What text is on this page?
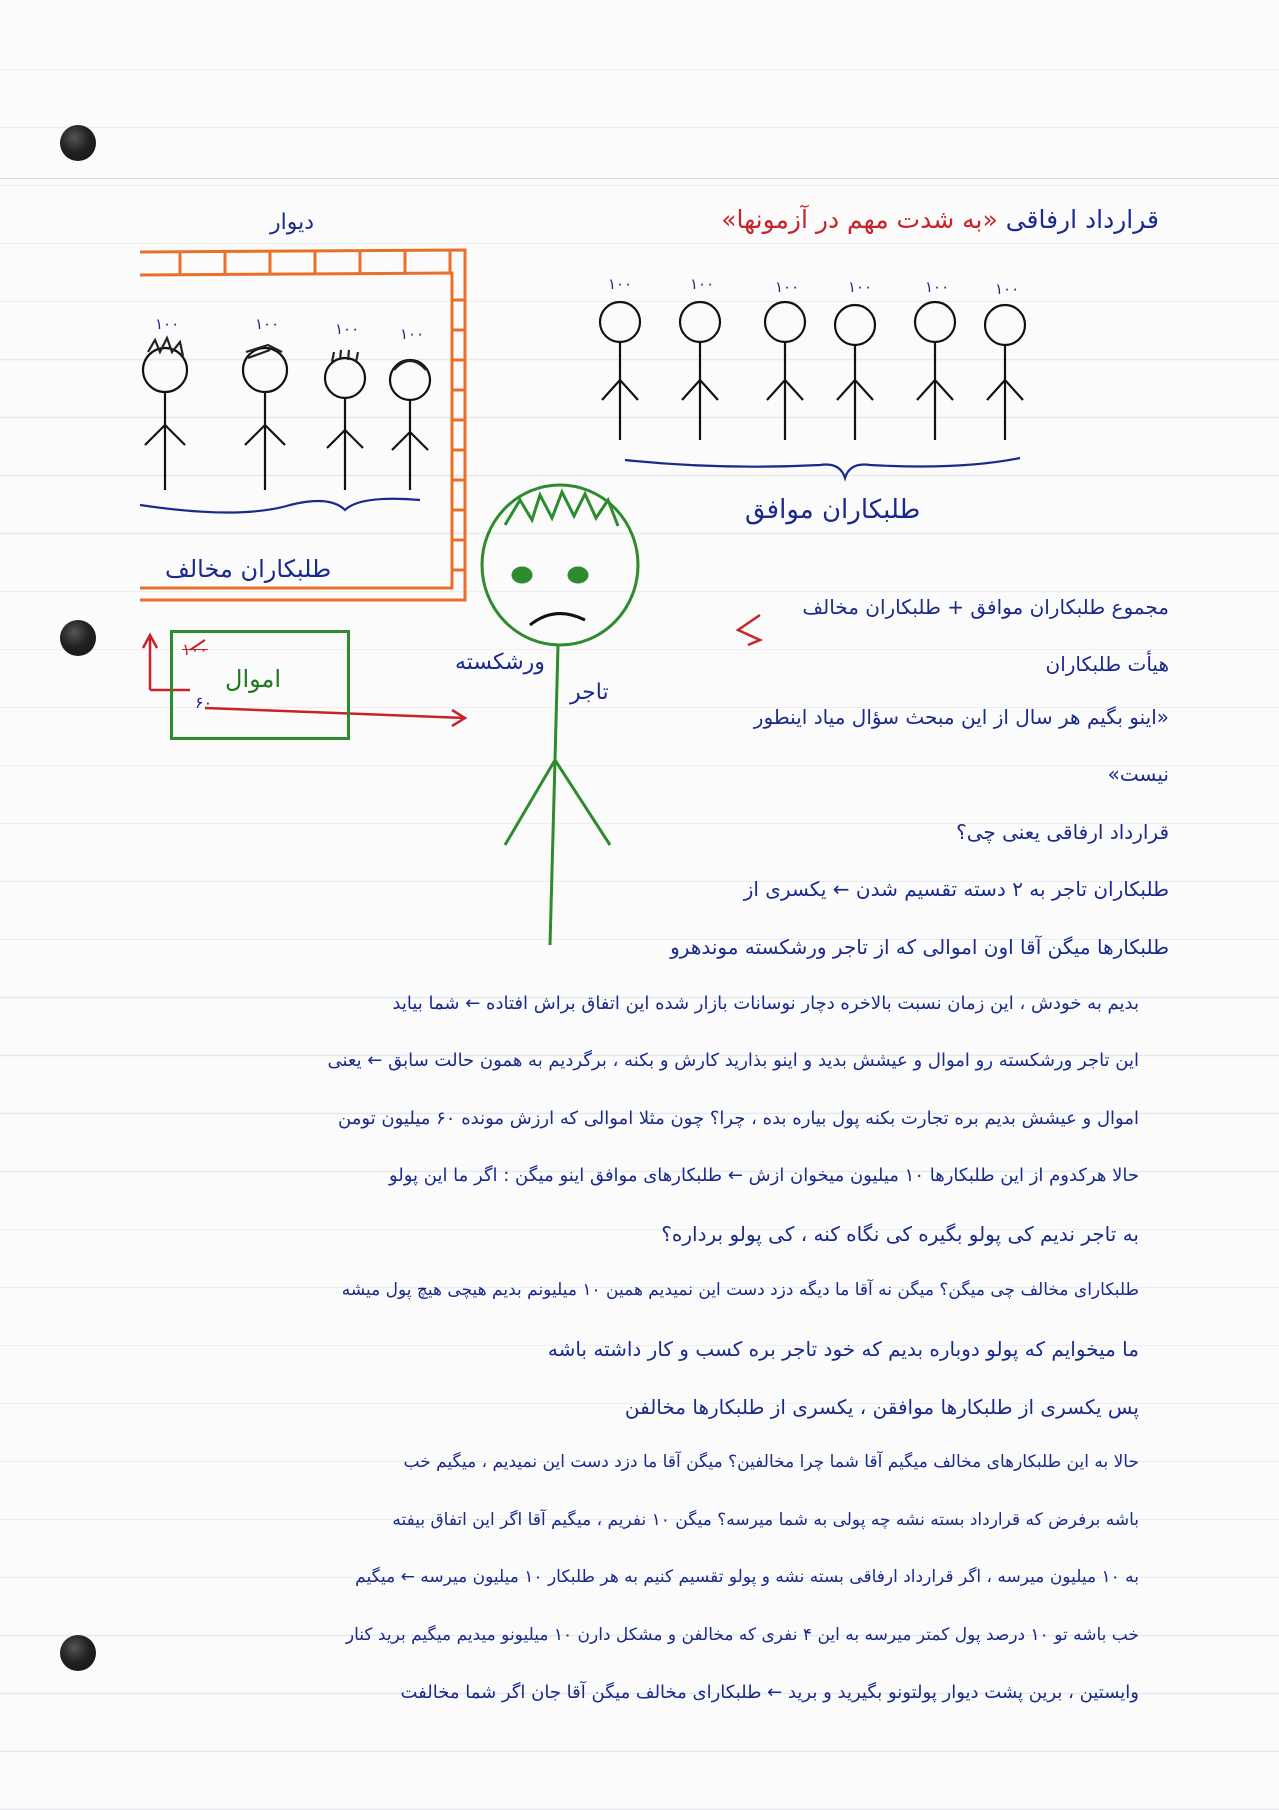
قرارداد ارفاقی «به شدت مهم در آزمونها»
دیوار
۱۰۰	۱۰۰	۱۰۰	۱۰۰
۱۰۰	۱۰۰	۱۰۰	۱۰۰	۱۰۰	۱۰۰
طلبکاران مخالف
طلبکاران موافق
تاجر
ورشکسته
اموال
۱۰۰
۶۰
مجموع طلبکاران موافق + طلبکاران مخالف
هیأت طلبکاران
«اینو بگیم هر سال از این مبحث سؤال میاد اینطور
نیست»
قرارداد ارفاقی یعنی چی؟
طلبکاران تاجر به ۲ دسته تقسیم شدن ← یکسری از
طلبکارها میگن آقا اون اموالی که از تاجر ورشکسته موندهرو
بدیم به خودش ، این زمان نسبت بالاخره دچار نوسانات بازار شده این اتفاق براش افتاده ← شما بیاید
این تاجر ورشکسته رو اموال و عیشش بدید و اینو بذارید کارش و بکنه ، برگردیم به همون حالت سابق ← یعنی
اموال و عیشش بدیم بره تجارت بکنه پول بیاره بده ، چرا؟ چون مثلا اموالی که ارزش مونده ۶۰ میلیون تومن
حالا هرکدوم از این طلبکارها ۱۰ میلیون میخوان ازش ← طلبکارهای موافق اینو میگن : اگر ما این پولو
به تاجر ندیم کی پولو بگیره کی نگاه کنه ، کی پولو برداره؟
طلبکارای مخالف چی میگن؟ میگن نه آقا ما دیگه دزد دست این نمیدیم همین ۱۰ میلیونم بدیم هیچی هیچ پول میشه
ما میخوایم که پولو دوباره بدیم که خود تاجر بره کسب و کار داشته باشه
پس یکسری از طلبکارها موافقن ، یکسری از طلبکارها مخالفن
حالا به این طلبکارهای مخالف میگیم آقا شما چرا مخالفین؟ میگن آقا ما دزد دست این نمیدیم ، میگیم خب
باشه برفرض که قرارداد بسته نشه چه پولی به شما میرسه؟ میگن ۱۰ نفریم ، میگیم آقا اگر این اتفاق بیفته
به ۱۰ میلیون میرسه ، اگر قرارداد ارفاقی بسته نشه و پولو تقسیم کنیم به هر طلبکار ۱۰ میلیون میرسه ← میگیم
خب باشه تو ۱۰ درصد پول کمتر میرسه به این ۴ نفری که مخالفن و مشکل دارن ۱۰ میلیونو میدیم میگیم برید کنار
وایستین ، برین پشت دیوار پولتونو بگیرید و برید ← طلبکارای مخالف میگن آقا جان اگر شما مخالفت
